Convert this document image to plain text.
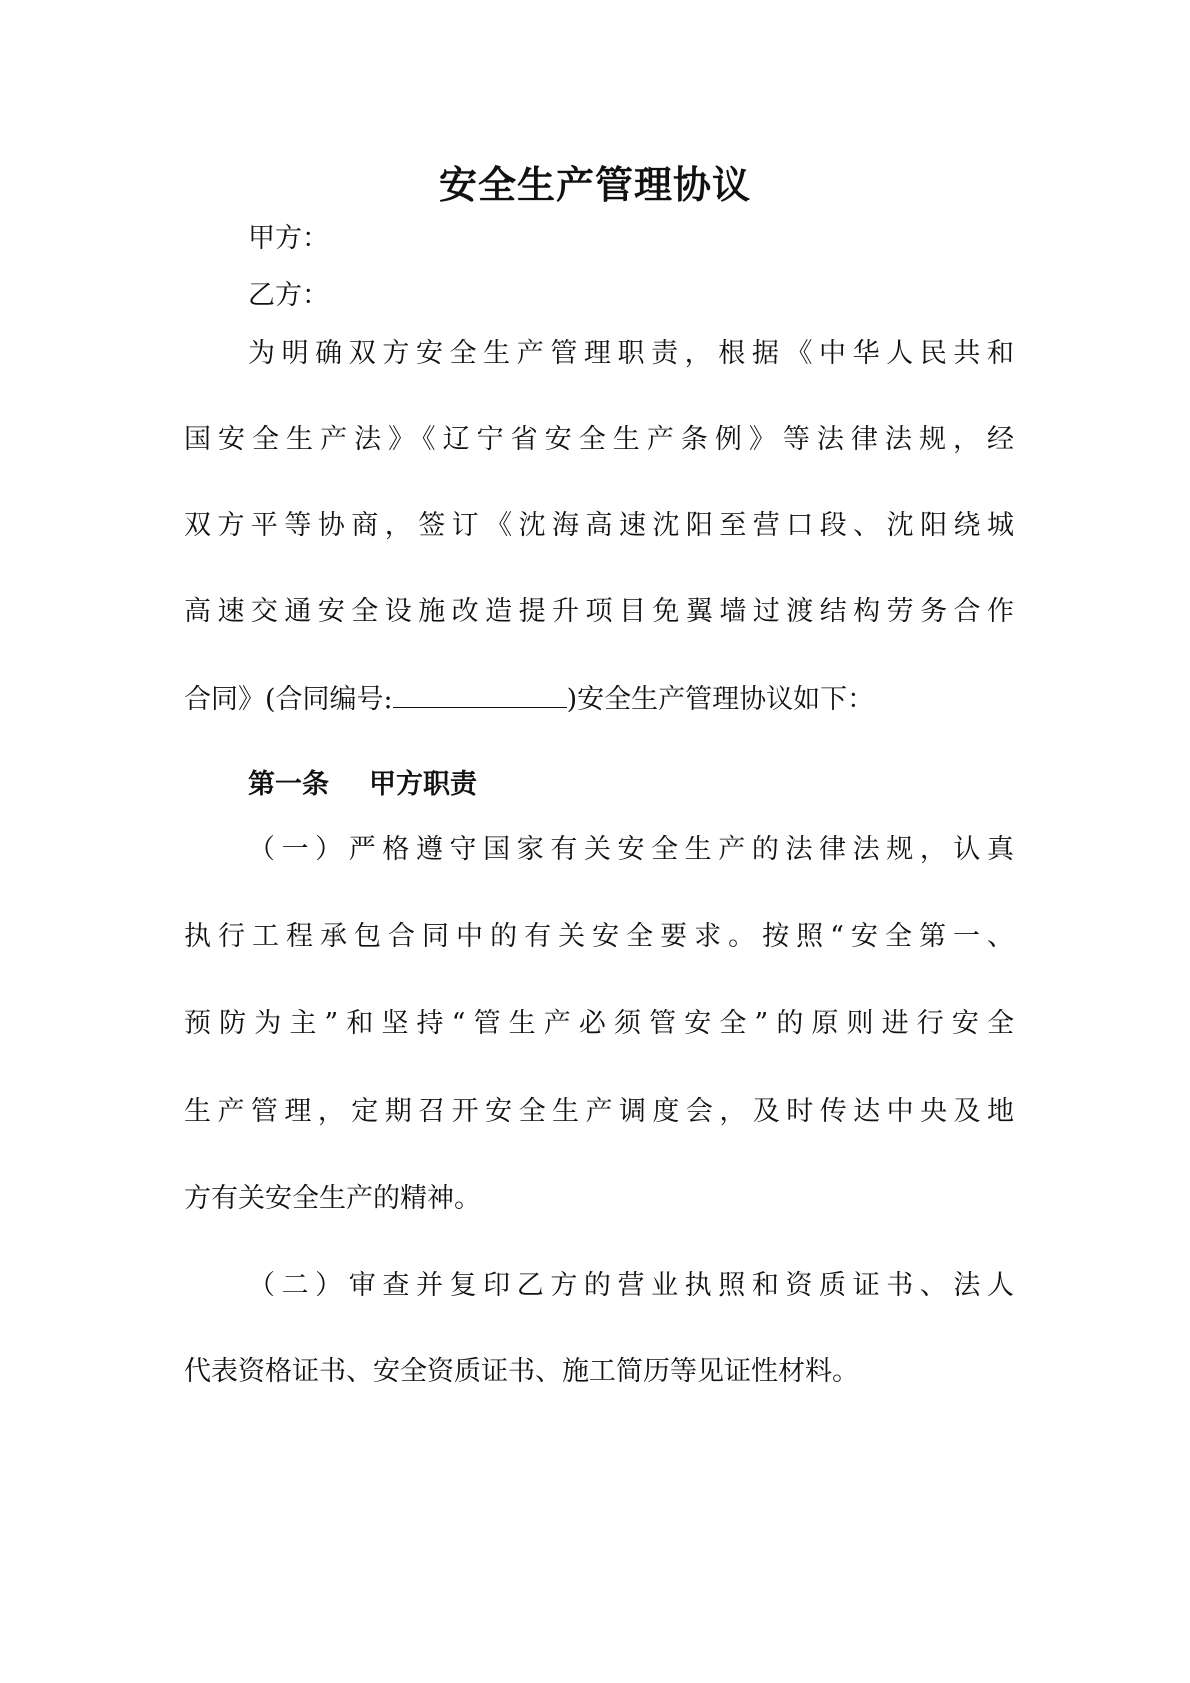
安全生产管理协议
甲方：
乙方：
为明确双方安全生产管理职责，根据《中华人民共和
国安全生产法》《辽宁省安全生产条例》等法律法规，经
双方平等协商，签订《沈海高速沈阳至营口段、沈阳绕城
高速交通安全设施改造提升项目免翼墙过渡结构劳务合作
合同》(合同编号:	)安全生产管理协议如下：
第一条 甲方职责
（一）严格遵守国家有关安全生产的法律法规，认真
执行工程承包合同中的有关安全要求。按照“安全第一、
预防为主”和坚持“管生产必须管安全”的原则进行安全
生产管理，定期召开安全生产调度会，及时传达中央及地
方有关安全生产的精神。
（二）审查并复印乙方的营业执照和资质证书、法人
代表资格证书、安全资质证书、施工简历等见证性材料。
